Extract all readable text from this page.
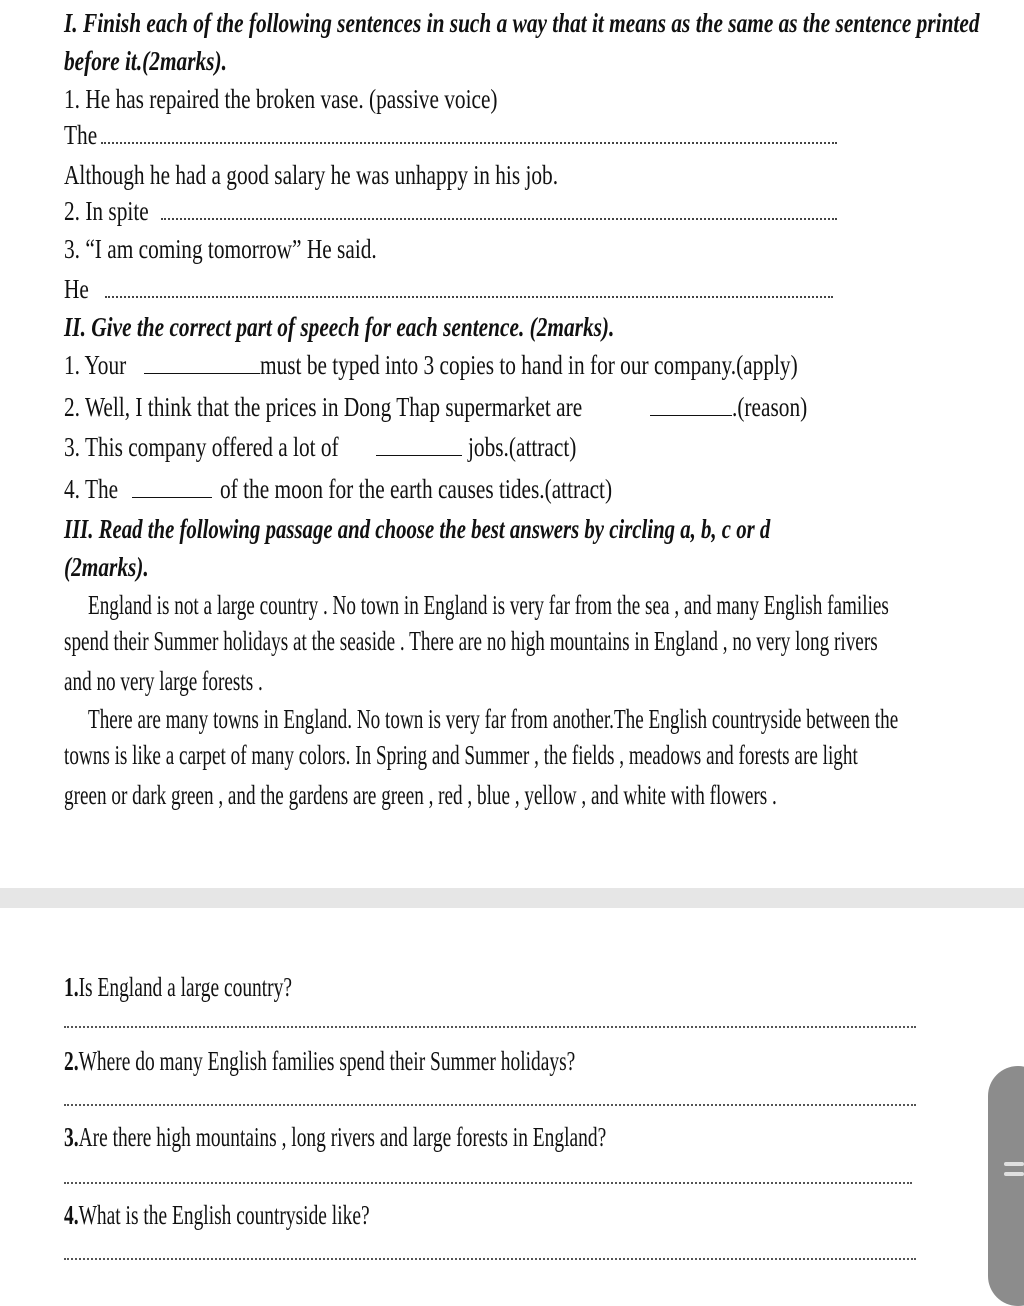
I. Finish each of the following sentences in such a way that it means as the same as the sentence printed
before it.(2marks).
1. He has repaired the broken vase. (passive voice)
The
Although he had a good salary he was unhappy in his job.
2. In spite
3. “I am coming tomorrow” He said.
He
II. Give the correct part of speech for each sentence. (2marks).
1. Your	must be typed into 3 copies to hand in for our company.(apply)
2. Well, I think that the prices in Dong Thap supermarket are	.(reason)
3. This company offered a lot of	jobs.(attract)
4. The	of the moon for the earth causes tides.(attract)
III. Read the following passage and choose the best answers by circling a, b, c or d
(2marks).
England is not a large country . No town in England is very far from the sea , and many English families
spend their Summer holidays at the seaside . There are no high mountains in England , no very long rivers
and no very large forests .
There are many towns in England. No town is very far from another.The English countryside between the
towns is like a carpet of many colors. In Spring and Summer , the fields , meadows and forests are light
green or dark green , and the gardens are green , red , blue , yellow , and white with flowers .
1.Is England a large country?
2.Where do many English families spend their Summer holidays?
3.Are there high mountains , long rivers and large forests in England?
4.What is the English countryside like?
